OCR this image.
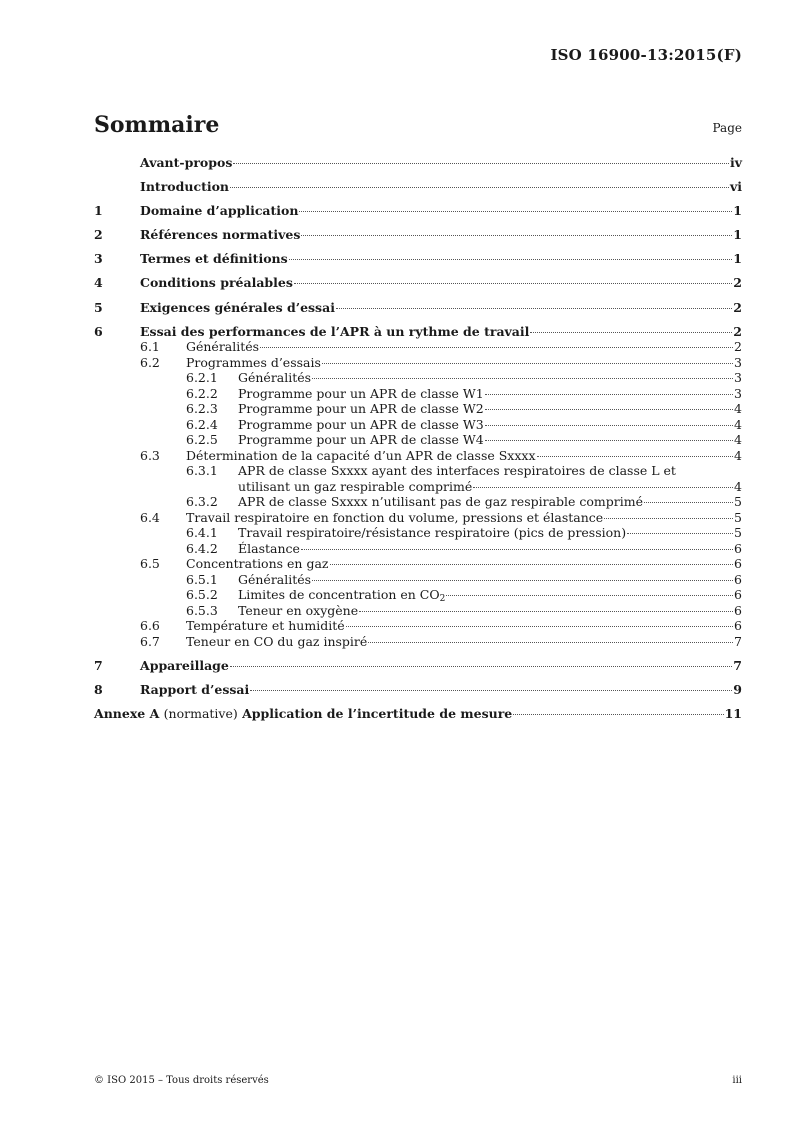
ISO 16900-13:2015(F)
Sommaire	Page
Avant-propos	iv
Introduction	vi
1	Domaine d’application	1
2	Références normatives	1
3	Termes et définitions	1
4	Conditions préalables	2
5	Exigences générales d’essai	2
6	Essai des performances de l’APR à un rythme de travail	2
6.1	Généralités	2
6.2	Programmes d’essais	3
6.2.1	Généralités	3
6.2.2	Programme pour un APR de classe W1	3
6.2.3	Programme pour un APR de classe W2	4
6.2.4	Programme pour un APR de classe W3	4
6.2.5	Programme pour un APR de classe W4	4
6.3	Détermination de la capacité d’un APR de classe Sxxxx	4
6.3.1	APR de classe Sxxxx ayant des interfaces respiratoires de classe L et
utilisant un gaz respirable comprimé	4
6.3.2	APR de classe Sxxxx n’utilisant pas de gaz respirable comprimé	5
6.4	Travail respiratoire en fonction du volume, pressions et élastance	5
6.4.1	Travail respiratoire/résistance respiratoire (pics de pression)	5
6.4.2	Élastance	6
6.5	Concentrations en gaz	6
6.5.1	Généralités	6
6.5.2	Limites de concentration en $CO_2$	6
6.5.3	Teneur en oxygène	6
6.6	Température et humidité	6
6.7	Teneur en CO du gaz inspiré	7
7	Appareillage	7
8	Rapport d’essai	9
Annexe A
(normative)
Application de l’incertitude de mesure	11
© ISO 2015 – Tous droits réservés	iii
